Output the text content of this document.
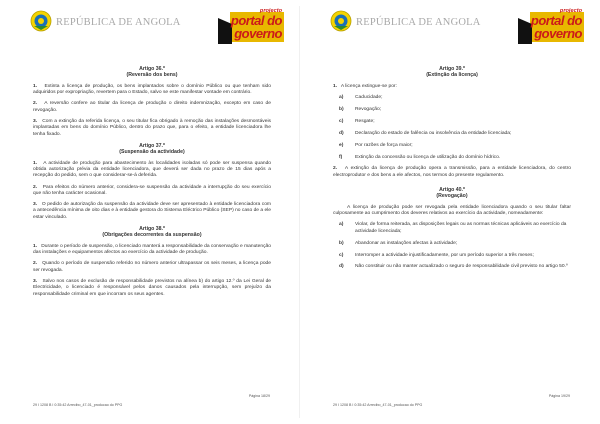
REPÚBLICA DE ANGOLA
projecto
portal do
governo
Artigo 36.º
(Reversão dos bens)

1. Extinta a licença de produção, os bens implantados sobre o domínio Público ou que tenham sido adquiridos por expropriação, revertem para o Estado, salvo se este manifestar vontade em contrário.

2. A reversão confere ao titular da licença de produção o direito indemnização, excepto em caso de revogação.

3. Com a extinção da referida licença, o seu titular fica obrigado à remoção das instalações desmontáveis implantadas em bens do domínio Público, dentro do prazo que, para o efeito, a entidade licenciadora lhe tenha fixado.

Artigo 37.º
(Suspensão da actividade)

1. A actividade de produção para abastecimento às localidades isoladas só pode ser suspensa quando obtida autorização prévia da entidade licenciadora, que deverá ser dada no prazo de 15 dias após a recepção do pedido, sem o que considerar-se-á deferida.

2. Para efeitos do número anterior, considera-se suspensão da actividade a interrupção do seu exercício que não tenha carácter ocasional.

3. O pedido de autorização da suspensão da actividade deve ser apresentado à entidade licenciadora com a antecedência mínima de oito dias e à entidade gestora do Sistema Eléctrico Público (SEP) no caso de a ele estar vinculado.

Artigo 38.º
(Obrigações decorrentes da suspensão)

1. Durante o período de suspensão, o licenciado manterá a responsabilidade da conservação e manutenção das instalações e equipamentos afectos ao exercício da actividade de produção.

2. Quando o período de suspensão referido no número anterior ultrapassar os seis meses, a licença pode ser revogada.

3. Salvo nos casos de exclusão de responsabilidade previstos na alínea b) do artigo 12.º da Lei Geral de Electricidade, o licenciado é responsável pelos danos causados pela interrupção, sem prejuízo da responsabilidade criminal em que incorram os seus agentes.

Página 18/29
29 I 1208 B I 0:35:42 Arrecibo_47-01_producao do PPG
REPÚBLICA DE ANGOLA
projecto
portal do
governo
Artigo 39.º
(Extinção da licença)

1. A licença extingue-se por:

a) Caducidade;

b) Revogação;

c) Resgate;

d) Declaração do estado de falência ou insolvência da entidade licenciada;

e) Por razões de força maior;

f)	Extinção da concessão ou licença de utilização do domínio hídrico.

2. A extinção da licença de produção opera a transmissão, para a entidade licenciadora, do centro electroprodutor e dos bens a ele afectos, nos termos do presente regulamento.

Artigo 40.º
(Revogação)

A licença de produção pode ser revogada pela entidade licenciadora quando o seu titular faltar culposamente ao cumprimento dos deveres relativos ao exercício da actividade, nomeadamente:

a) Violar, de forma reiterada, as disposições legais ou as normas técnicas aplicáveis ao exercício da actividade licenciada;

b) Abandonar as instalações afectas à actividade;

c) Interromper a actividade injustificadamente, por um período superior a três meses;

d) Não constituir ou não manter actualizado o seguro de responsabilidade civil previsto no artigo 50.º

Página 19/29
29 I 1208 B I 0:35:42 Arrecibo_47-01_producao do PPG
